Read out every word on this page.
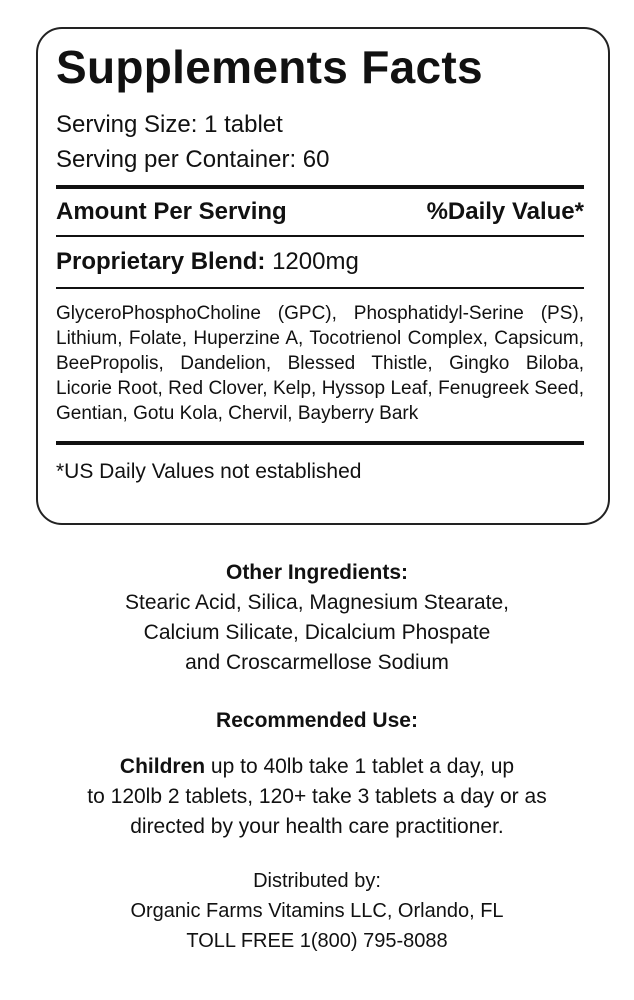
Supplements Facts
Serving Size: 1 tablet
Serving per Container: 60
Amount Per Serving	%Daily Value*
Proprietary Blend: 1200mg
GlyceroPhosphoCholine (GPC), Phosphatidyl-Serine (PS), Lithium, Folate, Huperzine A, Tocotrienol Complex, Capsicum, BeePropolis, Dandelion, Blessed Thistle, Gingko Biloba, Licorie Root, Red Clover, Kelp, Hyssop Leaf, Fenugreek Seed, Gentian, Gotu Kola, Chervil, Bayberry Bark
*US Daily Values not established
Other Ingredients:
Stearic Acid, Silica, Magnesium Stearate,
Calcium Silicate, Dicalcium Phospate
and Croscarmellose Sodium
Recommended Use:
Children up to 40lb take 1 tablet a day, up
to 120lb 2 tablets, 120+ take 3 tablets a day or as
directed by your health care practitioner.
Distributed by:
Organic Farms Vitamins LLC, Orlando, FL
TOLL FREE 1(800) 795-8088
